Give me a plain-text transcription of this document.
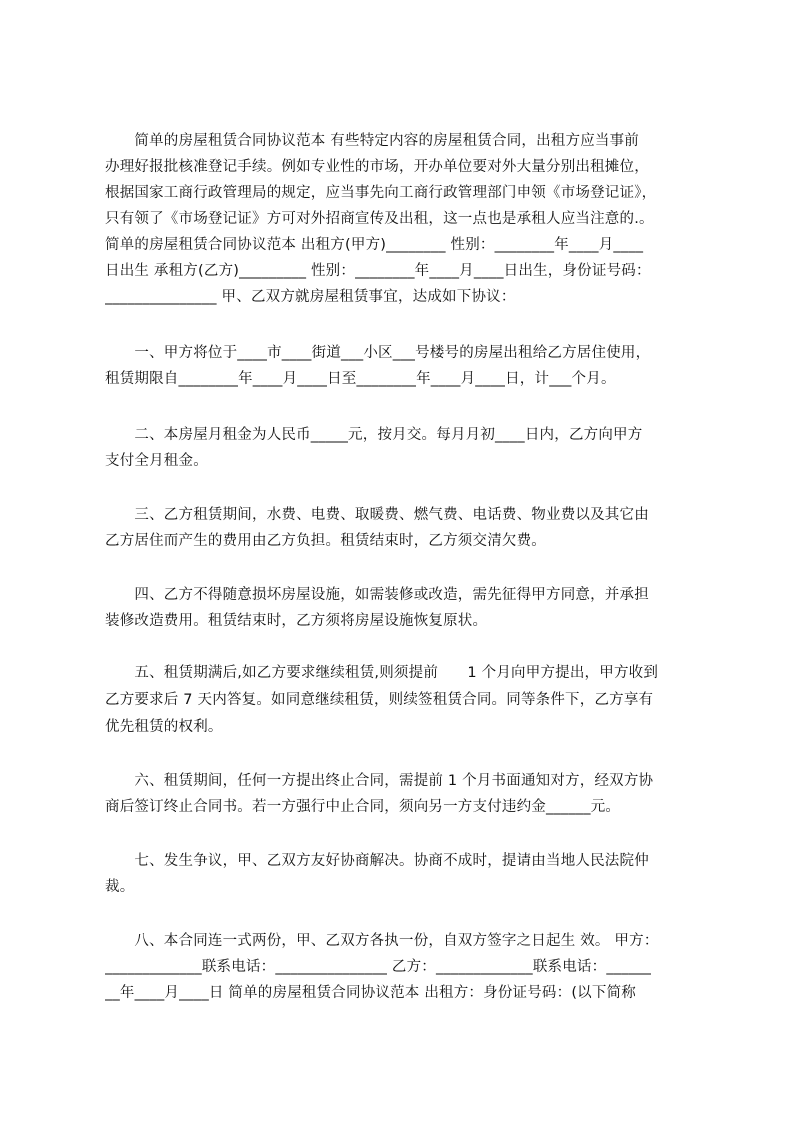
　　简单的房屋租赁合同协议范本 有些特定内容的房屋租赁合同，出租方应当事前
办理好报批核准登记手续。例如专业性的市场，开办单位要对外大量分别出租摊位，
根据国家工商行政管理局的规定，应当事先向工商行政管理部门申领《市场登记证》，
只有领了《市场登记证》方可对外招商宣传及出租，这一点也是承租人应当注意的.。
简单的房屋租赁合同协议范本 出租方(甲方)________ 性别：________年____月____
日出生 承租方(乙方)_________ 性别：________年____月____日出生，身份证号码：
_______________ 甲、乙双方就房屋租赁事宜，达成如下协议：
　　一、甲方将位于____市____街道___小区___号楼号的房屋出租给乙方居住使用，
租赁期限自________年____月____日至________年____月____日，计___个月。
　　二、本房屋月租金为人民币_____元，按月交。每月月初____日内，乙方向甲方
支付全月租金。
　　三、乙方租赁期间，水费、电费、取暖费、燃气费、电话费、物业费以及其它由
乙方居住而产生的费用由乙方负担。租赁结束时，乙方须交清欠费。
　　四、乙方不得随意损坏房屋设施，如需装修或改造，需先征得甲方同意，并承担
装修改造费用。租赁结束时，乙方须将房屋设施恢复原状。
　　五、租赁期满后,如乙方要求继续租赁,则须提前　　1 个月向甲方提出，甲方收到
乙方要求后 7 天内答复。如同意继续租赁，则续签租赁合同。同等条件下，乙方享有
优先租赁的权利。
　　六、租赁期间，任何一方提出终止合同，需提前 1 个月书面通知对方，经双方协
商后签订终止合同书。若一方强行中止合同，须向另一方支付违约金______元。
　　七、发生争议，甲、乙双方友好协商解决。协商不成时，提请由当地人民法院仲
裁。
　　八、本合同连一式两份，甲、乙双方各执一份，自双方签字之日起生 效。 甲方：
_____________联系电话：_______________ 乙方：_____________联系电话：______
__年____月____日 简单的房屋租赁合同协议范本 出租方：身份证号码：(以下简称
